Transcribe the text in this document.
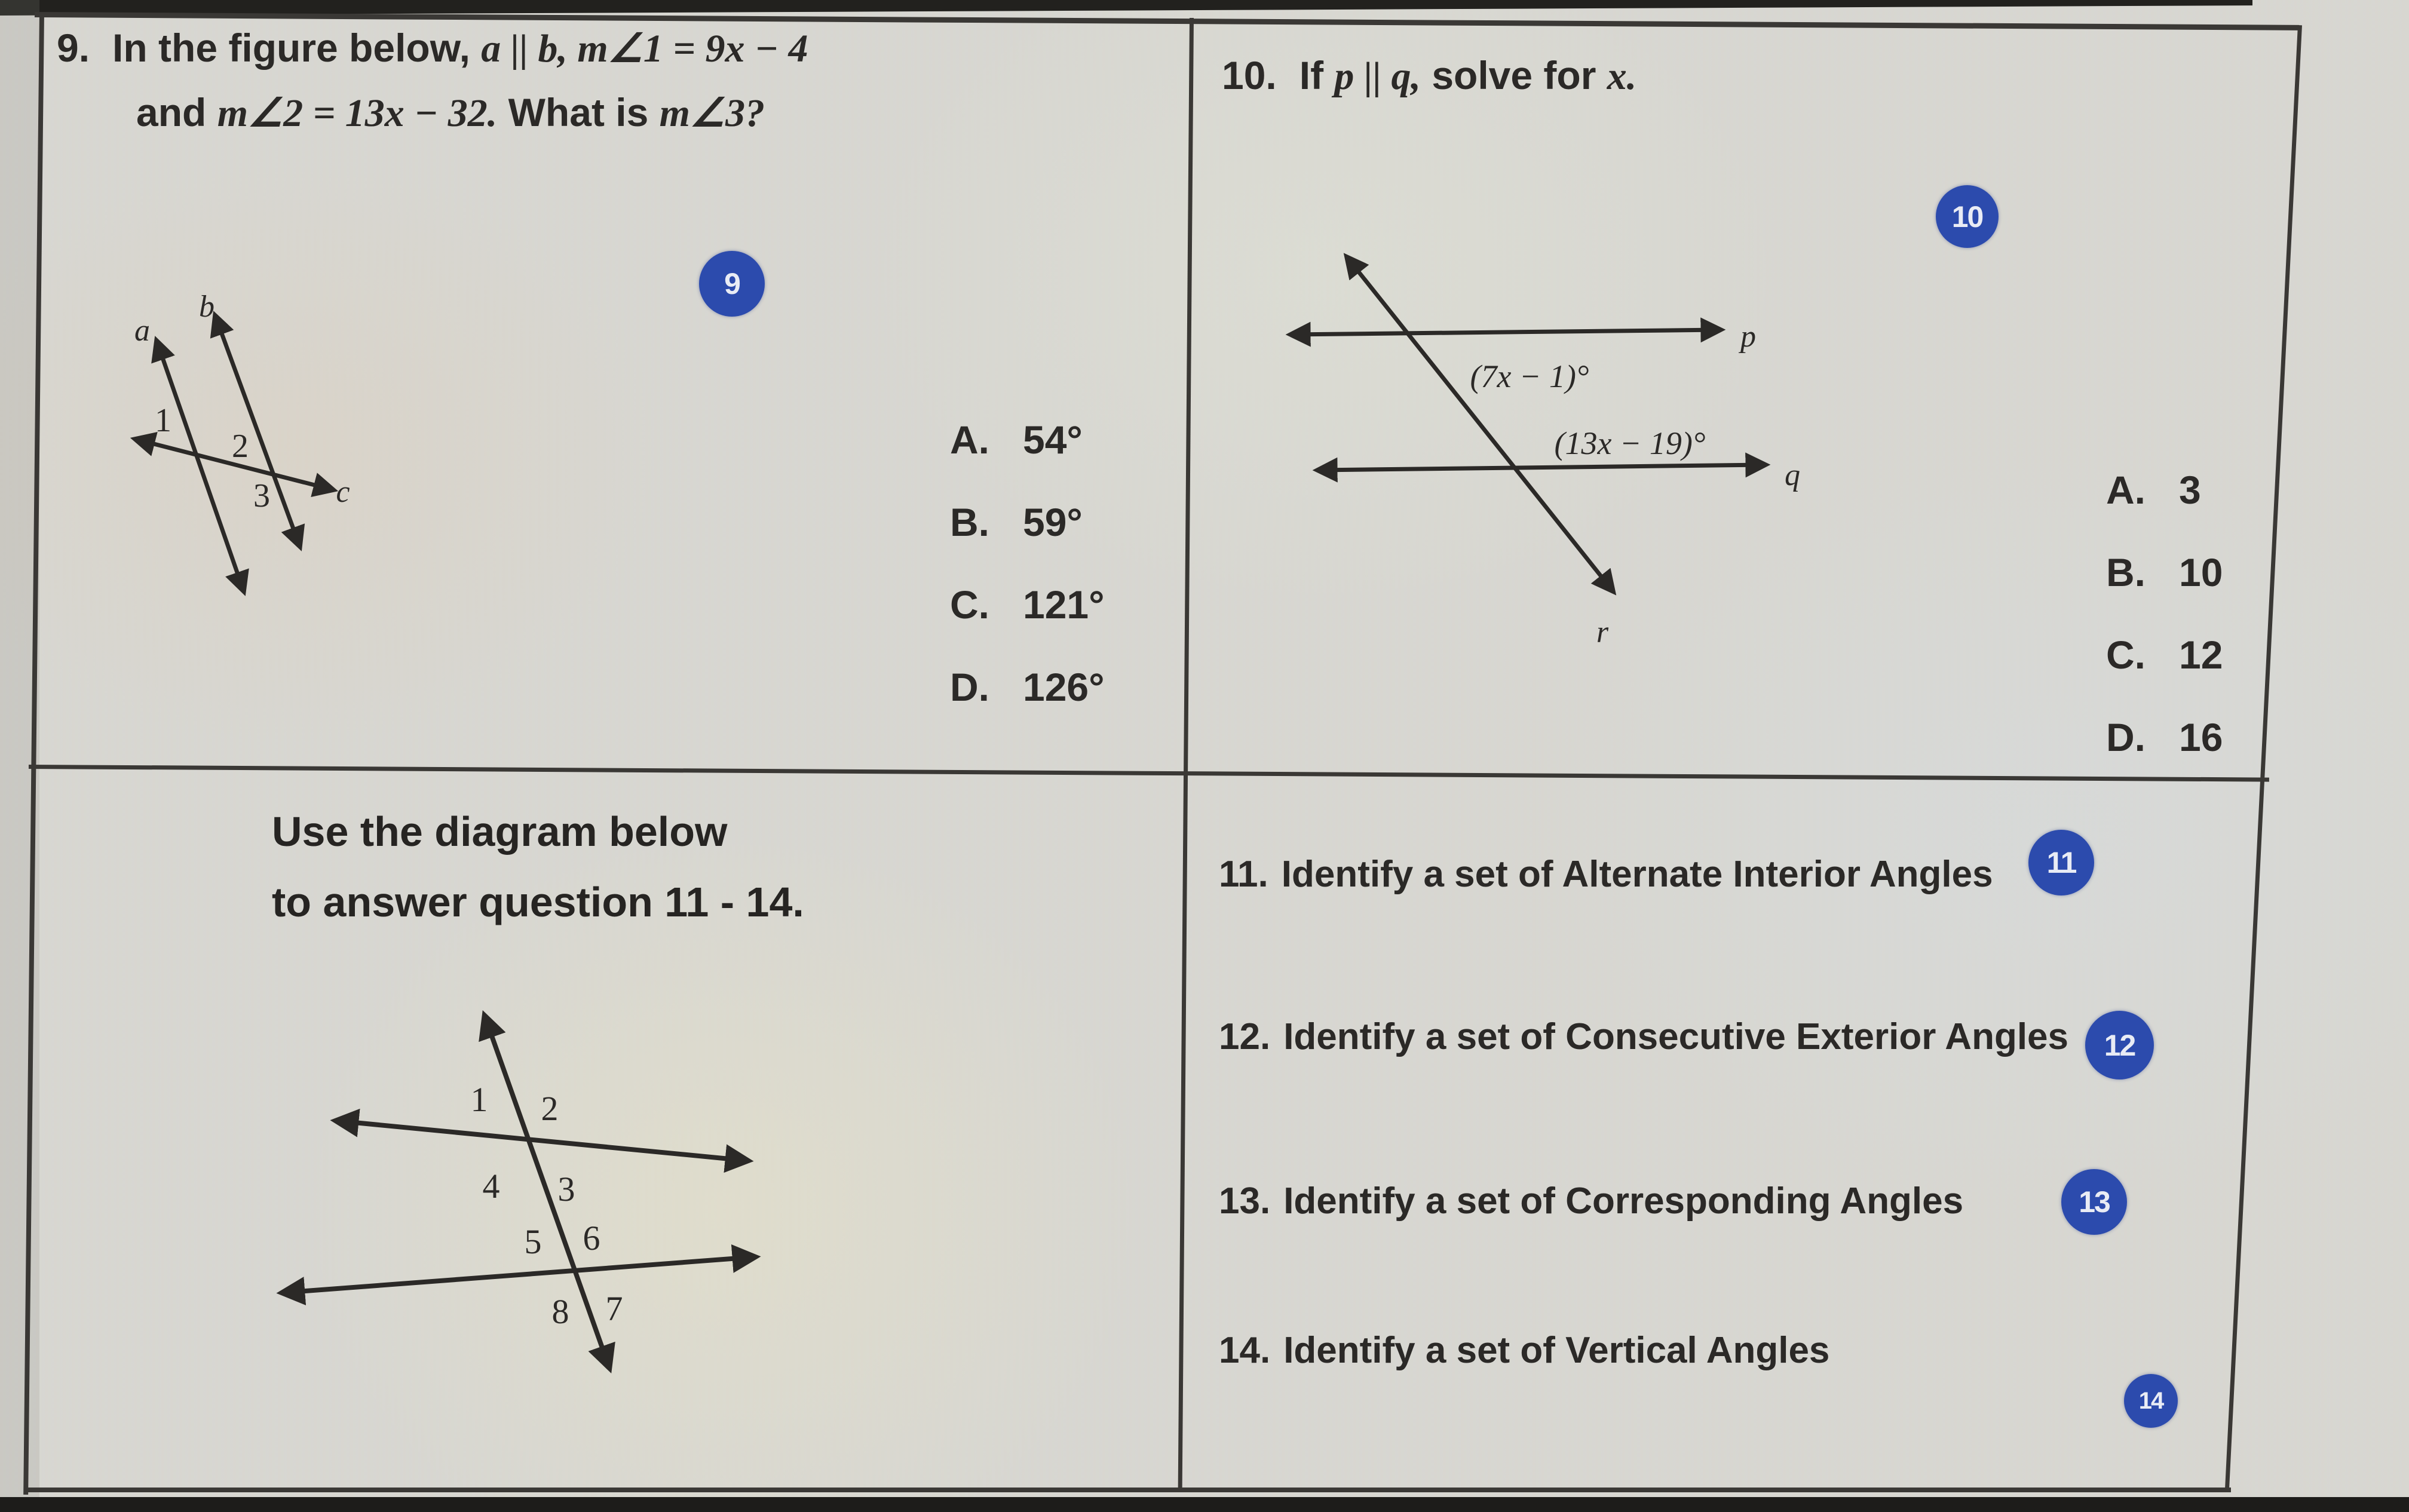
9. In the figure below, a || b, m∠1 = 9x − 4
and m∠2 = 13x − 32. What is m∠3?
9
a
b
c
1
2
3
A. 54°
B. 59°
C. 121°
D. 126°
10. If p || q, solve for x.
10
p
q
r
(7x − 1)°
(13x − 19)°
A. 3
B. 10
C. 12
D. 16
Use the diagram below
to answer question 11 - 14.
1 2
4 3
5 6
8 7
11. Identify a set of Alternate Interior Angles 11
12. Identify a set of Consecutive Exterior Angles 12
13. Identify a set of Corresponding Angles	13
14. Identify a set of Vertical Angles
14
